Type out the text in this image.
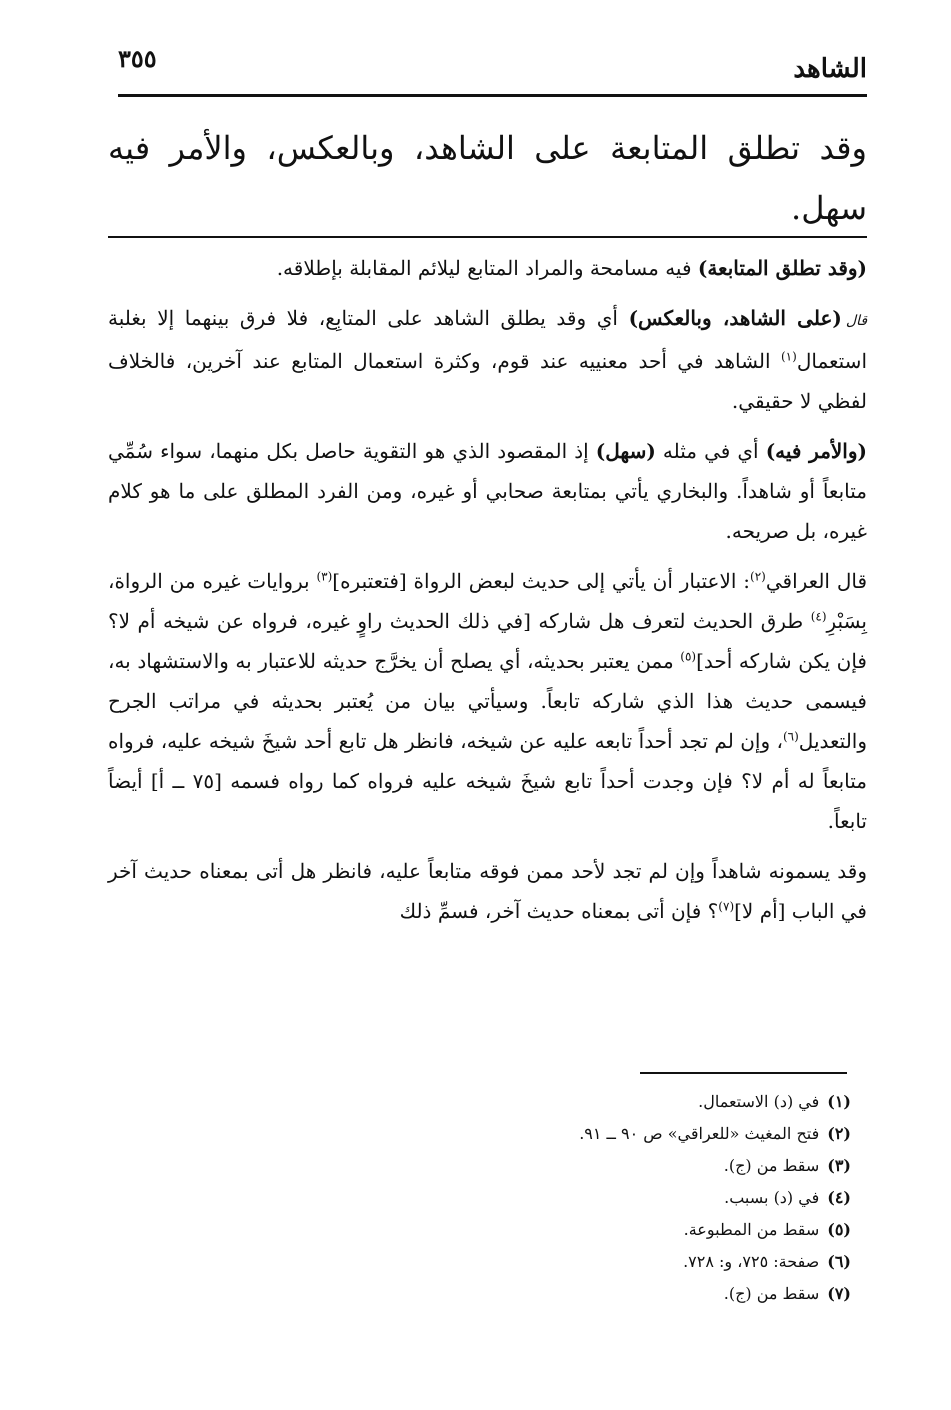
الشاهد
٣٥٥
وقد تطلق المتابعة على الشاهد، وبالعكس، والأمر فيه سهل.

(وقد تطلق المتابعة) فيه مسامحة والمراد المتابع ليلائم المقابلة بإطلاقه.

قال(على الشاهد، وبالعكس) أي وقد يطلق الشاهد على المتابِع، فلا فرق بينهما إلا بغلبة استعمال$^{(١)}$ الشاهد في أحد معنييه عند قوم، وكثرة استعمال المتابع عند آخرين، فالخلاف لفظي لا حقيقي.

(والأمر فيه) أي في مثله (سهل) إذ المقصود الذي هو التقوية حاصل بكل منهما، سواء سُمِّي متابعاً أو شاهداً. والبخاري يأتي بمتابعة صحابي أو غيره، ومن الفرد المطلق على ما هو كلام غيره، بل صريحه.

قال العراقي$^{(٢)}$: الاعتبار أن يأتي إلى حديث لبعض الرواة [فتعتبره]$^{(٣)}$ بروايات غيره من الرواة، بِسَبْرِ$^{(٤)}$ طرق الحديث لتعرف هل شاركه [في ذلك الحديث راوٍ غيره، فرواه عن شيخه أم لا؟ فإن يكن شاركه أحد]$^{(٥)}$ ممن يعتبر بحديثه، أي يصلح أن يخرَّج حديثه للاعتبار به والاستشهاد به، فيسمى حديث هذا الذي شاركه تابعاً. وسيأتي بيان من يُعتبر بحديثه في مراتب الجرح والتعديل$^{(٦)}$، وإن لم تجد أحداً تابعه عليه عن شيخه، فانظر هل تابع أحد شيخَ شيخه عليه، فرواه متابعاً له أم لا؟ فإن وجدت أحداً تابع شيخَ شيخه عليه فرواه كما رواه فسمه [٧٥ ــ أ] أيضاً تابعاً.

وقد يسمونه شاهداً وإن لم تجد لأحد ممن فوقه متابعاً عليه، فانظر هل أتى بمعناه حديث آخر في الباب [أم لا]$^{(٧)}$؟ فإن أتى بمعناه حديث آخر، فسمِّ ذلك

(١)في (د) الاستعمال.
(٢)فتح المغيث «للعراقي» ص ٩٠ ــ ٩١.
(٣)سقط من (ج).
(٤)في (د) بسبب.
(٥)سقط من المطبوعة.
(٦)صفحة: ٧٢٥، و: ٧٢٨.
(٧)سقط من (ج).
